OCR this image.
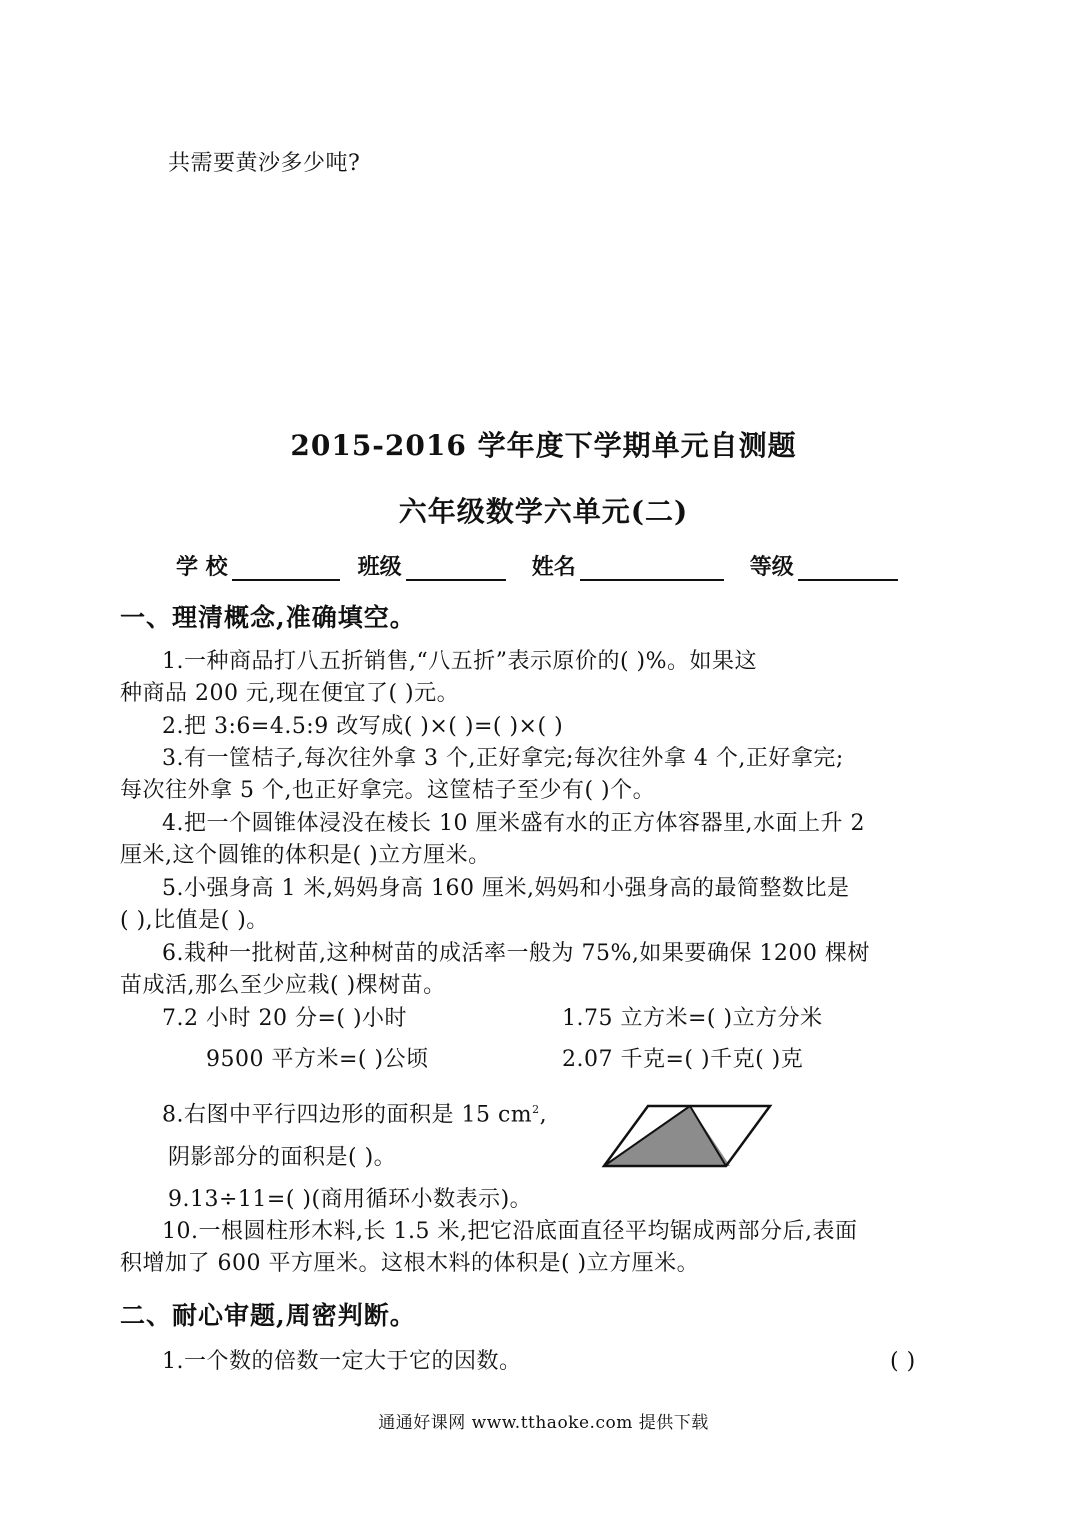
共需要黄沙多少吨?
2015-2016 学年度下学期单元自测题
六年级数学六单元(二)
学 校	班级	姓名	等级
一、理清概念,准确填空。
1.一种商品打八五折销售,“八五折”表示原价的( )%。如果这
种商品 200 元,现在便宜了( )元。
2.把 3:6=4.5:9 改写成( )×( )=( )×( )
3.有一筐桔子,每次往外拿 3 个,正好拿完;每次往外拿 4 个,正好拿完;
每次往外拿 5 个,也正好拿完。这筐桔子至少有( )个。
4.把一个圆锥体浸没在棱长 10 厘米盛有水的正方体容器里,水面上升 2
厘米,这个圆锥的体积是( )立方厘米。
5.小强身高 1 米,妈妈身高 160 厘米,妈妈和小强身高的最简整数比是
( ),比值是( )。
6.栽种一批树苗,这种树苗的成活率一般为 75%,如果要确保 1200 棵树
苗成活,那么至少应栽( )棵树苗。
7.2 小时 20 分=( )小时	1.75 立方米=( )立方分米
9500 平方米=( )公顷	2.07 千克=( )千克( )克
8.右图中平行四边形的面积是 15 $cm^2$,
阴影部分的面积是( )。
9.13÷11=( )(商用循环小数表示)。
10.一根圆柱形木料,长 1.5 米,把它沿底面直径平均锯成两部分后,表面
积增加了 600 平方厘米。这根木料的体积是( )立方厘米。
二、耐心审题,周密判断。
1.一个数的倍数一定大于它的因数。	( )
通通好课网 www.tthaoke.com 提供下载
